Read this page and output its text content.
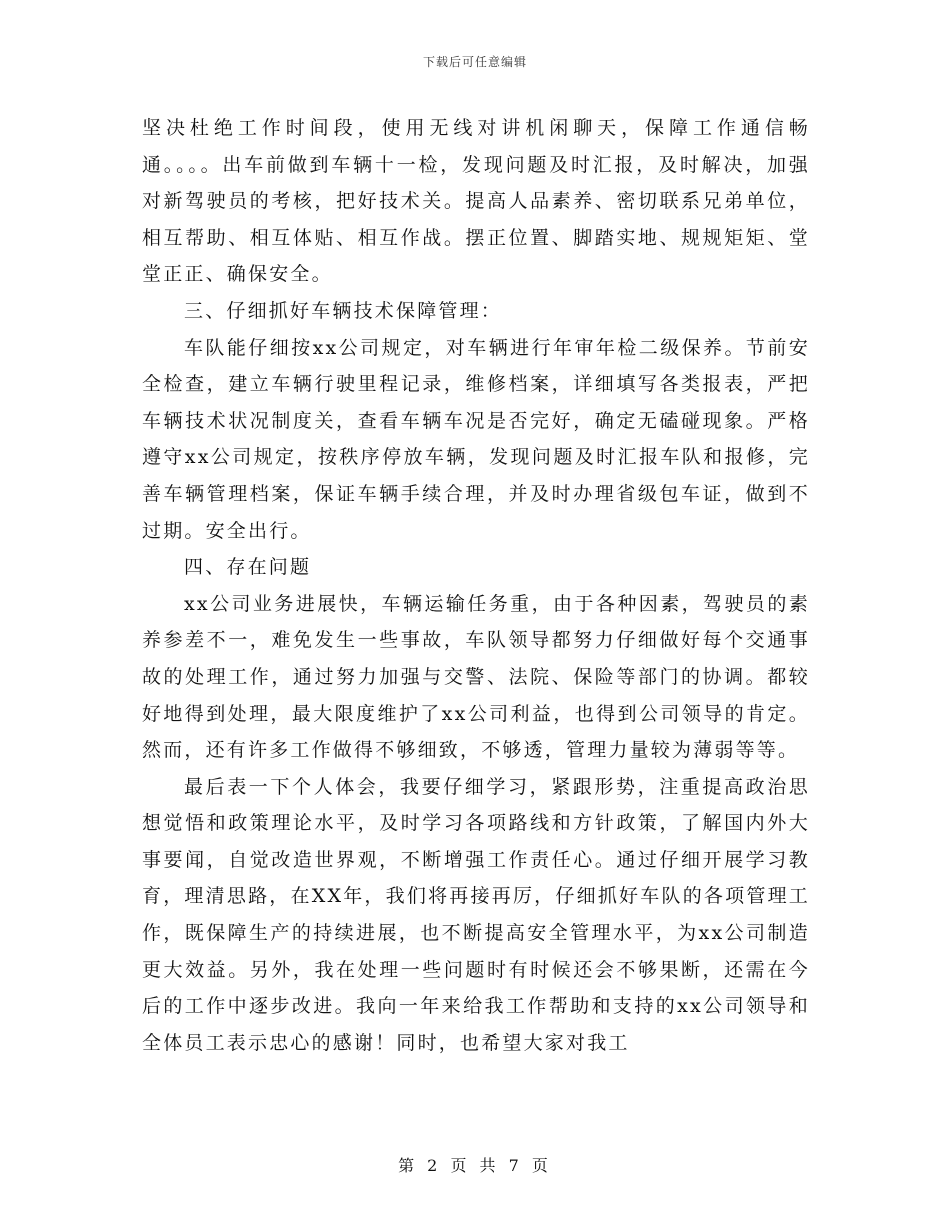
下载后可任意编辑

坚决杜绝工作时间段，使用无线对讲机闲聊天，保障工作通信畅通。。。。出车前做到车辆十一检，发现问题及时汇报，及时解决，加强对新驾驶员的考核，把好技术关。提高人品素养、密切联系兄弟单位，相互帮助、相互体贴、相互作战。摆正位置、脚踏实地、规规矩矩、堂堂正正、确保安全。

三、仔细抓好车辆技术保障管理：

车队能仔细按xx公司规定，对车辆进行年审年检二级保养。节前安全检查，建立车辆行驶里程记录，维修档案，详细填写各类报表，严把车辆技术状况制度关，查看车辆车况是否完好，确定无磕碰现象。严格遵守xx公司规定，按秩序停放车辆，发现问题及时汇报车队和报修，完善车辆管理档案，保证车辆手续合理，并及时办理省级包车证，做到不过期。安全出行。

四、存在问题

xx公司业务进展快，车辆运输任务重，由于各种因素，驾驶员的素养参差不一，难免发生一些事故，车队领导都努力仔细做好每个交通事故的处理工作，通过努力加强与交警、法院、保险等部门的协调。都较好地得到处理，最大限度维护了xx公司利益，也得到公司领导的肯定。然而，还有许多工作做得不够细致，不够透，管理力量较为薄弱等等。

最后表一下个人体会，我要仔细学习，紧跟形势，注重提高政治思想觉悟和政策理论水平，及时学习各项路线和方针政策，了解国内外大事要闻，自觉改造世界观，不断增强工作责任心。通过仔细开展学习教育，理清思路，在XX年，我们将再接再厉，仔细抓好车队的各项管理工作，既保障生产的持续进展，也不断提高安全管理水平，为xx公司制造更大效益。另外，我在处理一些问题时有时候还会不够果断，还需在今后的工作中逐步改进。我向一年来给我工作帮助和支持的xx公司领导和全体员工表示忠心的感谢！同时，也希望大家对我工

第 2 页 共 7 页
